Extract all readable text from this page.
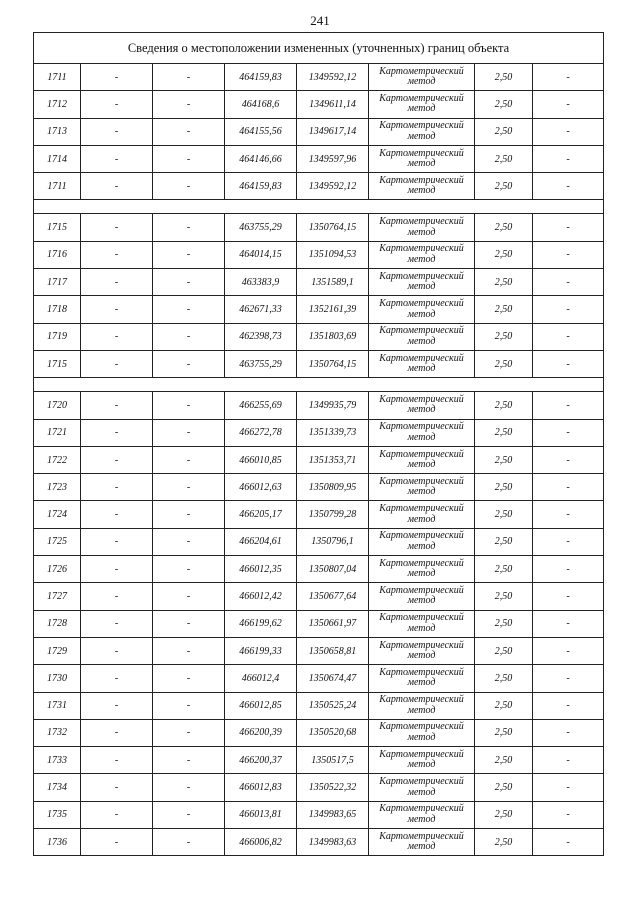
241
Сведения о местоположении измененных (уточненных) границ объекта							
1711	-	-	464159,83	1349592,12	Картометрический метод	2,50	-
1712	-	-	464168,6	1349611,14	Картометрический метод	2,50	-
1713	-	-	464155,56	1349617,14	Картометрический метод	2,50	-
1714	-	-	464146,66	1349597,96	Картометрический метод	2,50	-
1711	-	-	464159,83	1349592,12	Картометрический метод	2,50	-

1715	-	-	463755,29	1350764,15	Картометрический метод	2,50	-
1716	-	-	464014,15	1351094,53	Картометрический метод	2,50	-
1717	-	-	463383,9	1351589,1	Картометрический метод	2,50	-
1718	-	-	462671,33	1352161,39	Картометрический метод	2,50	-
1719	-	-	462398,73	1351803,69	Картометрический метод	2,50	-
1715	-	-	463755,29	1350764,15	Картометрический метод	2,50	-

1720	-	-	466255,69	1349935,79	Картометрический метод	2,50	-
1721	-	-	466272,78	1351339,73	Картометрический метод	2,50	-
1722	-	-	466010,85	1351353,71	Картометрический метод	2,50	-
1723	-	-	466012,63	1350809,95	Картометрический метод	2,50	-
1724	-	-	466205,17	1350799,28	Картометрический метод	2,50	-
1725	-	-	466204,61	1350796,1	Картометрический метод	2,50	-
1726	-	-	466012,35	1350807,04	Картометрический метод	2,50	-
1727	-	-	466012,42	1350677,64	Картометрический метод	2,50	-
1728	-	-	466199,62	1350661,97	Картометрический метод	2,50	-
1729	-	-	466199,33	1350658,81	Картометрический метод	2,50	-
1730	-	-	466012,4	1350674,47	Картометрический метод	2,50	-
1731	-	-	466012,85	1350525,24	Картометрический метод	2,50	-
1732	-	-	466200,39	1350520,68	Картометрический метод	2,50	-
1733	-	-	466200,37	1350517,5	Картометрический метод	2,50	-
1734	-	-	466012,83	1350522,32	Картометрический метод	2,50	-
1735	-	-	466013,81	1349983,65	Картометрический метод	2,50	-
1736	-	-	466006,82	1349983,63	Картометрический метод	2,50	-
